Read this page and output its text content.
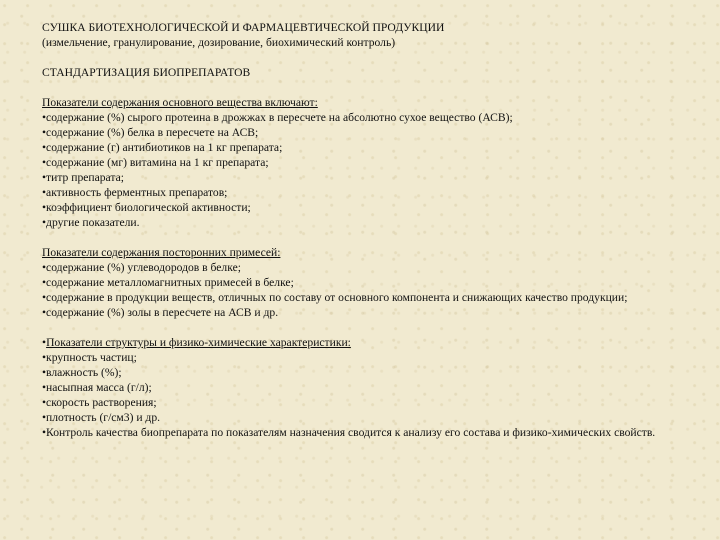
СУШКА БИОТЕХНОЛОГИЧЕСКОЙ И ФАРМАЦЕВТИЧЕСКОЙ ПРОДУКЦИИ
(измельчение, гранулирование, дозирование, биохимический контроль)
СТАНДАРТИЗАЦИЯ БИОПРЕПАРАТОВ
Показатели содержания основного вещества включают:
•содержание (%) сырого протеина в дрожжах в пересчете на абсолютно сухое вещество (АСВ);
•содержание (%) белка в пересчете на АСВ;
•содержание (г) антибиотиков на 1 кг препарата;
•содержание (мг) витамина на 1 кг препарата;
•титр препарата;
•активность ферментных препаратов;
•коэффициент биологической активности;
•другие показатели.
Показатели содержания посторонних примесей:
•содержание (%) углеводородов в белке;
•содержание металломагнитных примесей в белке;
•содержание в продукции веществ, отличных по составу от основного компонента и снижающих качество продукции;
•содержание (%) золы в пересчете на АСВ и др.
•Показатели структуры и физико-химические характеристики:
•крупность частиц;
•влажность (%);
•насыпная масса (г/л);
•скорость растворения;
•плотность (г/см3) и др.
•Контроль качества биопрепарата по показателям назначения сводится к анализу его состава и физико-химических свойств.
